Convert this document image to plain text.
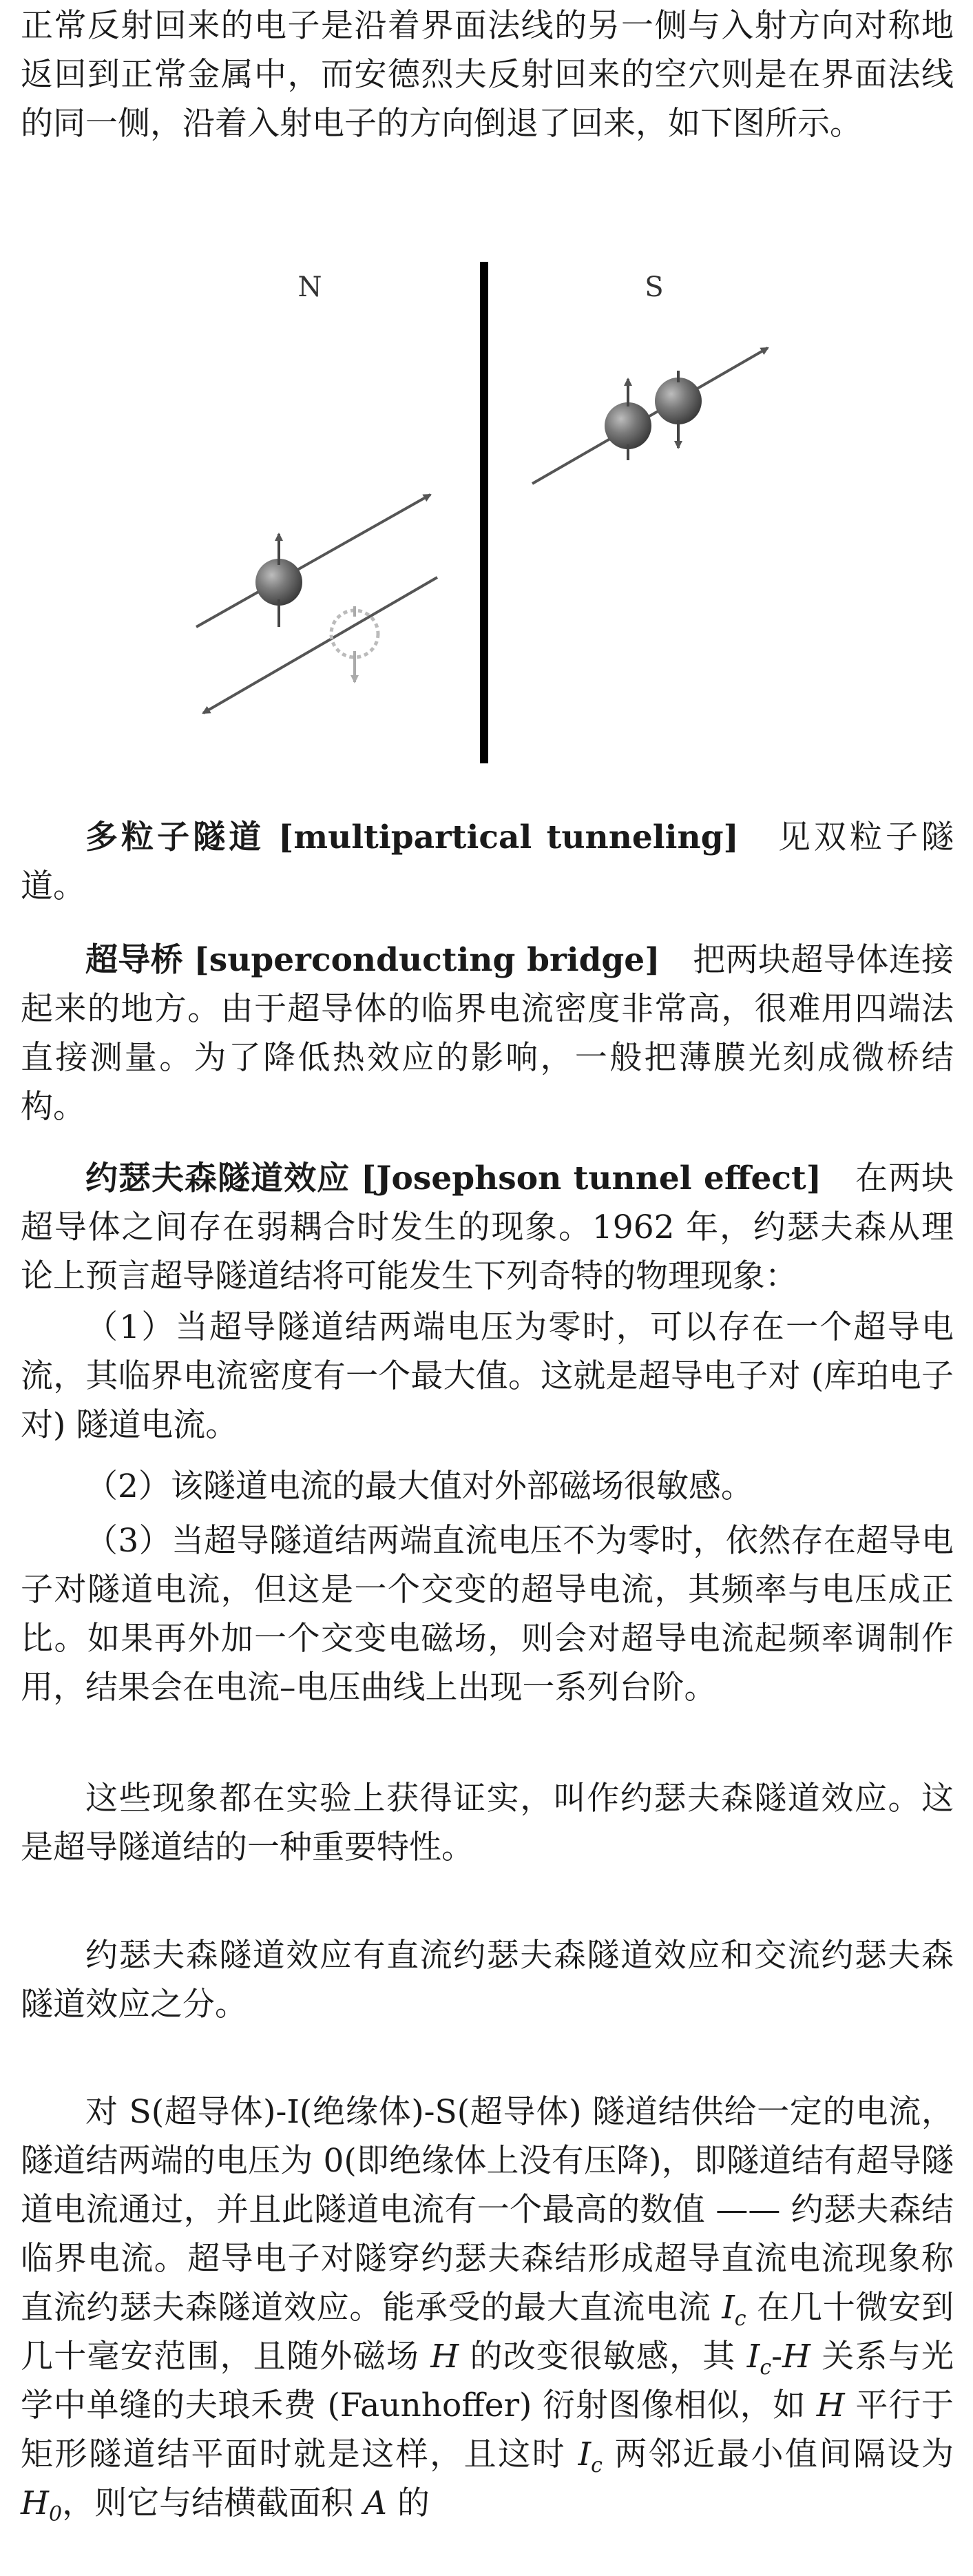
正常反射回来的电子是沿着界面法线的另一侧与入射方向对称地返回到正常金属中，而安德烈夫反射回来的空穴则是在界面法线的同一侧，沿着入射电子的方向倒退了回来，如下图所示。

N	S

多粒子隧道 [multipartical tunneling]　 见双粒子隧道。

超导桥 [superconducting bridge]　 把两块超导体连接起来的地方。由于超导体的临界电流密度非常高，很难用四端法直接测量。为了降低热效应的影响，一般把薄膜光刻成微桥结构。

约瑟夫森隧道效应 [Josephson tunnel effect]　 在两块超导体之间存在弱耦合时发生的现象。1962 年，约瑟夫森从理论上预言超导隧道结将可能发生下列奇特的物理现象：

（1）当超导隧道结两端电压为零时，可以存在一个超导电流，其临界电流密度有一个最大值。这就是超导电子对 (库珀电子对) 隧道电流。

（2）该隧道电流的最大值对外部磁场很敏感。

（3）当超导隧道结两端直流电压不为零时，依然存在超导电子对隧道电流，但这是一个交变的超导电流，其频率与电压成正比。如果再外加一个交变电磁场，则会对超导电流起频率调制作用，结果会在电流–电压曲线上出现一系列台阶。

这些现象都在实验上获得证实，叫作约瑟夫森隧道效应。这是超导隧道结的一种重要特性。

约瑟夫森隧道效应有直流约瑟夫森隧道效应和交流约瑟夫森隧道效应之分。

对 S(超导体)-I(绝缘体)-S(超导体) 隧道结供给一定的电流，隧道结两端的电压为 0(即绝缘体上没有压降)，即隧道结有超导隧道电流通过，并且此隧道电流有一个最高的数值 —— 约瑟夫森结临界电流。超导电子对隧穿约瑟夫森结形成超导直流电流现象称直流约瑟夫森隧道效应。能承受的最大直流电流 $I_c$ 在几十微安到几十毫安范围，且随外磁场 H 的改变很敏感，其 $I_c-H$ 关系与光学中单缝的夫琅禾费 (Faunhoffer) 衍射图像相似，如 H 平行于矩形隧道结平面时就是这样，且这时 $I_c$ 两邻近最小值间隔设为 $H_0$，则它与结横截面积 A 的
